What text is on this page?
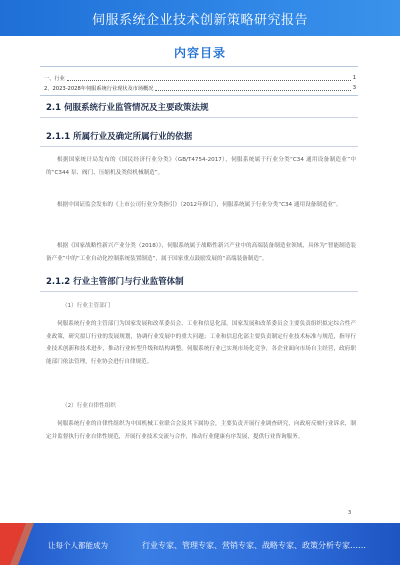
伺服系统企业技术创新策略研究报告
内容目录
一、行业	1
2、2023-2028年伺服系统行业现状及市场概况	3
2.1 伺服系统行业监管情况及主要政策法规
2.1.1 所属行业及确定所属行业的依据
根据国家统计局发布的《国民经济行业分类》（GB/T4754-2017），伺服系统属于行业分类“C34 通用设备制造业”中的“C344 泵、阀门、压缩机及类似机械制造”。
根据中国证监会发布的《上市公司行业分类指引》（2012年修订），伺服系统属于行业分类“C34 通用设备制造业”。
根据《国家战略性新兴产业分类（2018）》，伺服系统属于战略性新兴产业中的高端装备制造业领域，具体为“智能制造装备产业”中的“工业自动化控制系统装置制造”，属于国家重点鼓励发展的“高端装备制造”。
2.1.2 行业主管部门与行业监管体制
（1）行业主管部门
伺服系统行业的主管部门为国家发展和改革委员会、工业和信息化部。国家发展和改革委员会主要负责组织拟定综合性产业政策，研究拟订行业的发展规划，协调行业发展中的重大问题；工业和信息化部主要负责制定行业技术标准与规范，指导行业技术创新和技术进步，推动行业转型升级和结构调整。伺服系统行业已实现市场化竞争，各企业面向市场自主经营，政府职能部门依法管理，行业协会进行自律规范。
（2）行业自律性组织
伺服系统行业的自律性组织为中国机械工业联合会及其下属协会，主要负责开展行业调查研究，向政府反映行业诉求，制定并监督执行行业自律性规范，开展行业技术交流与合作，推动行业健康有序发展，提供行业咨询服务。
3
让每个人都能成为	行业专家、管理专家、营销专家、战略专家、政策分析专家……
